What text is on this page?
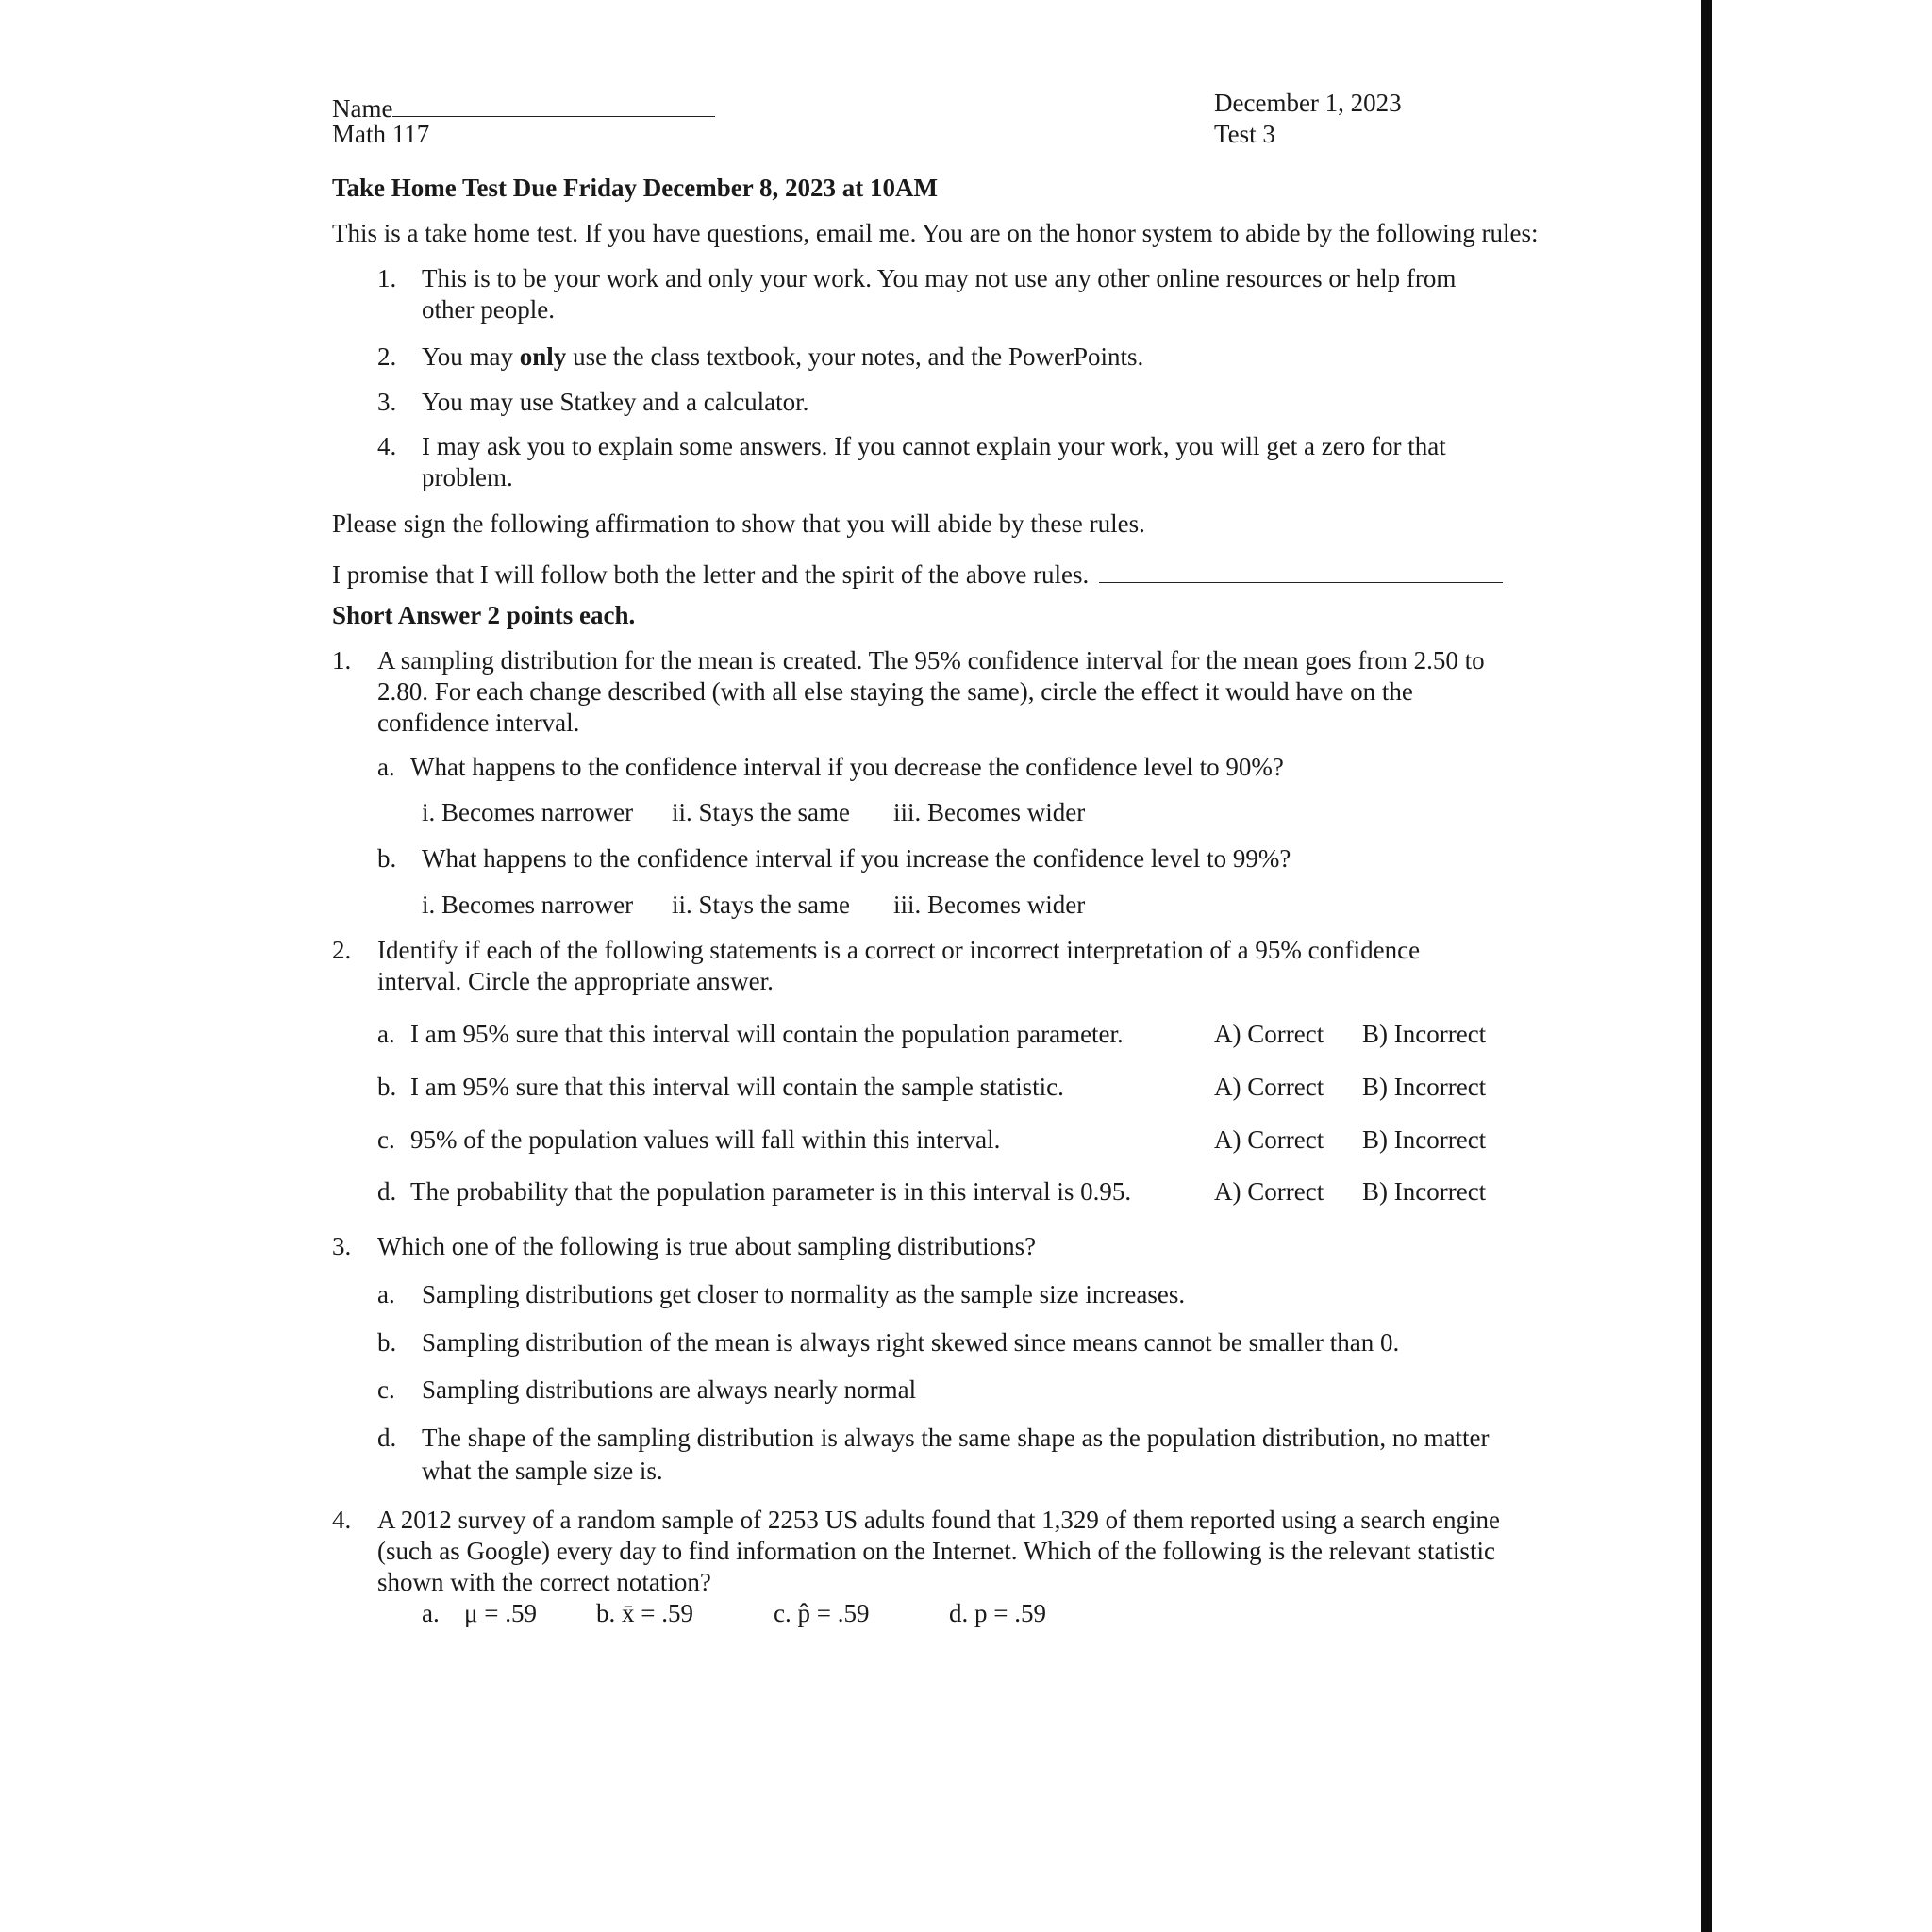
Name
Math 117
December 1, 2023
Test 3
Take Home Test Due Friday December 8, 2023 at 10AM
This is a take home test. If you have questions, email me. You are on the honor system to abide by the following rules:
1. This is to be your work and only your work. You may not use any other online resources or help from
other people.
2. You may only use the class textbook, your notes, and the PowerPoints.
3. You may use Statkey and a calculator.
4. I may ask you to explain some answers. If you cannot explain your work, you will get a zero for that
problem.
Please sign the following affirmation to show that you will abide by these rules.
I promise that I will follow both the letter and the spirit of the above rules.
Short Answer 2 points each.
1. A sampling distribution for the mean is created. The 95% confidence interval for the mean goes from 2.50 to
2.80. For each change described (with all else staying the same), circle the effect it would have on the
confidence interval.
a. What happens to the confidence interval if you decrease the confidence level to 90%?
i. Becomes narrower ii. Stays the same iii. Becomes wider
b. What happens to the confidence interval if you increase the confidence level to 99%?
i. Becomes narrower ii. Stays the same iii. Becomes wider
2. Identify if each of the following statements is a correct or incorrect interpretation of a 95% confidence
interval. Circle the appropriate answer.
a. I am 95% sure that this interval will contain the population parameter.	A) Correct B) Incorrect
b. I am 95% sure that this interval will contain the sample statistic.	A) Correct B) Incorrect
c. 95% of the population values will fall within this interval.	A) Correct B) Incorrect
d. The probability that the population parameter is in this interval is 0.95.	A) Correct B) Incorrect
3. Which one of the following is true about sampling distributions?
a. Sampling distributions get closer to normality as the sample size increases.
b. Sampling distribution of the mean is always right skewed since means cannot be smaller than 0.
c. Sampling distributions are always nearly normal
d. The shape of the sampling distribution is always the same shape as the population distribution, no matter
what the sample size is.
4. A 2012 survey of a random sample of 2253 US adults found that 1,329 of them reported using a search engine
(such as Google) every day to find information on the Internet. Which of the following is the relevant statistic
shown with the correct notation?
a. μ = .59 b. x̄ = .59	c. p̂ = .59	d. p = .59
